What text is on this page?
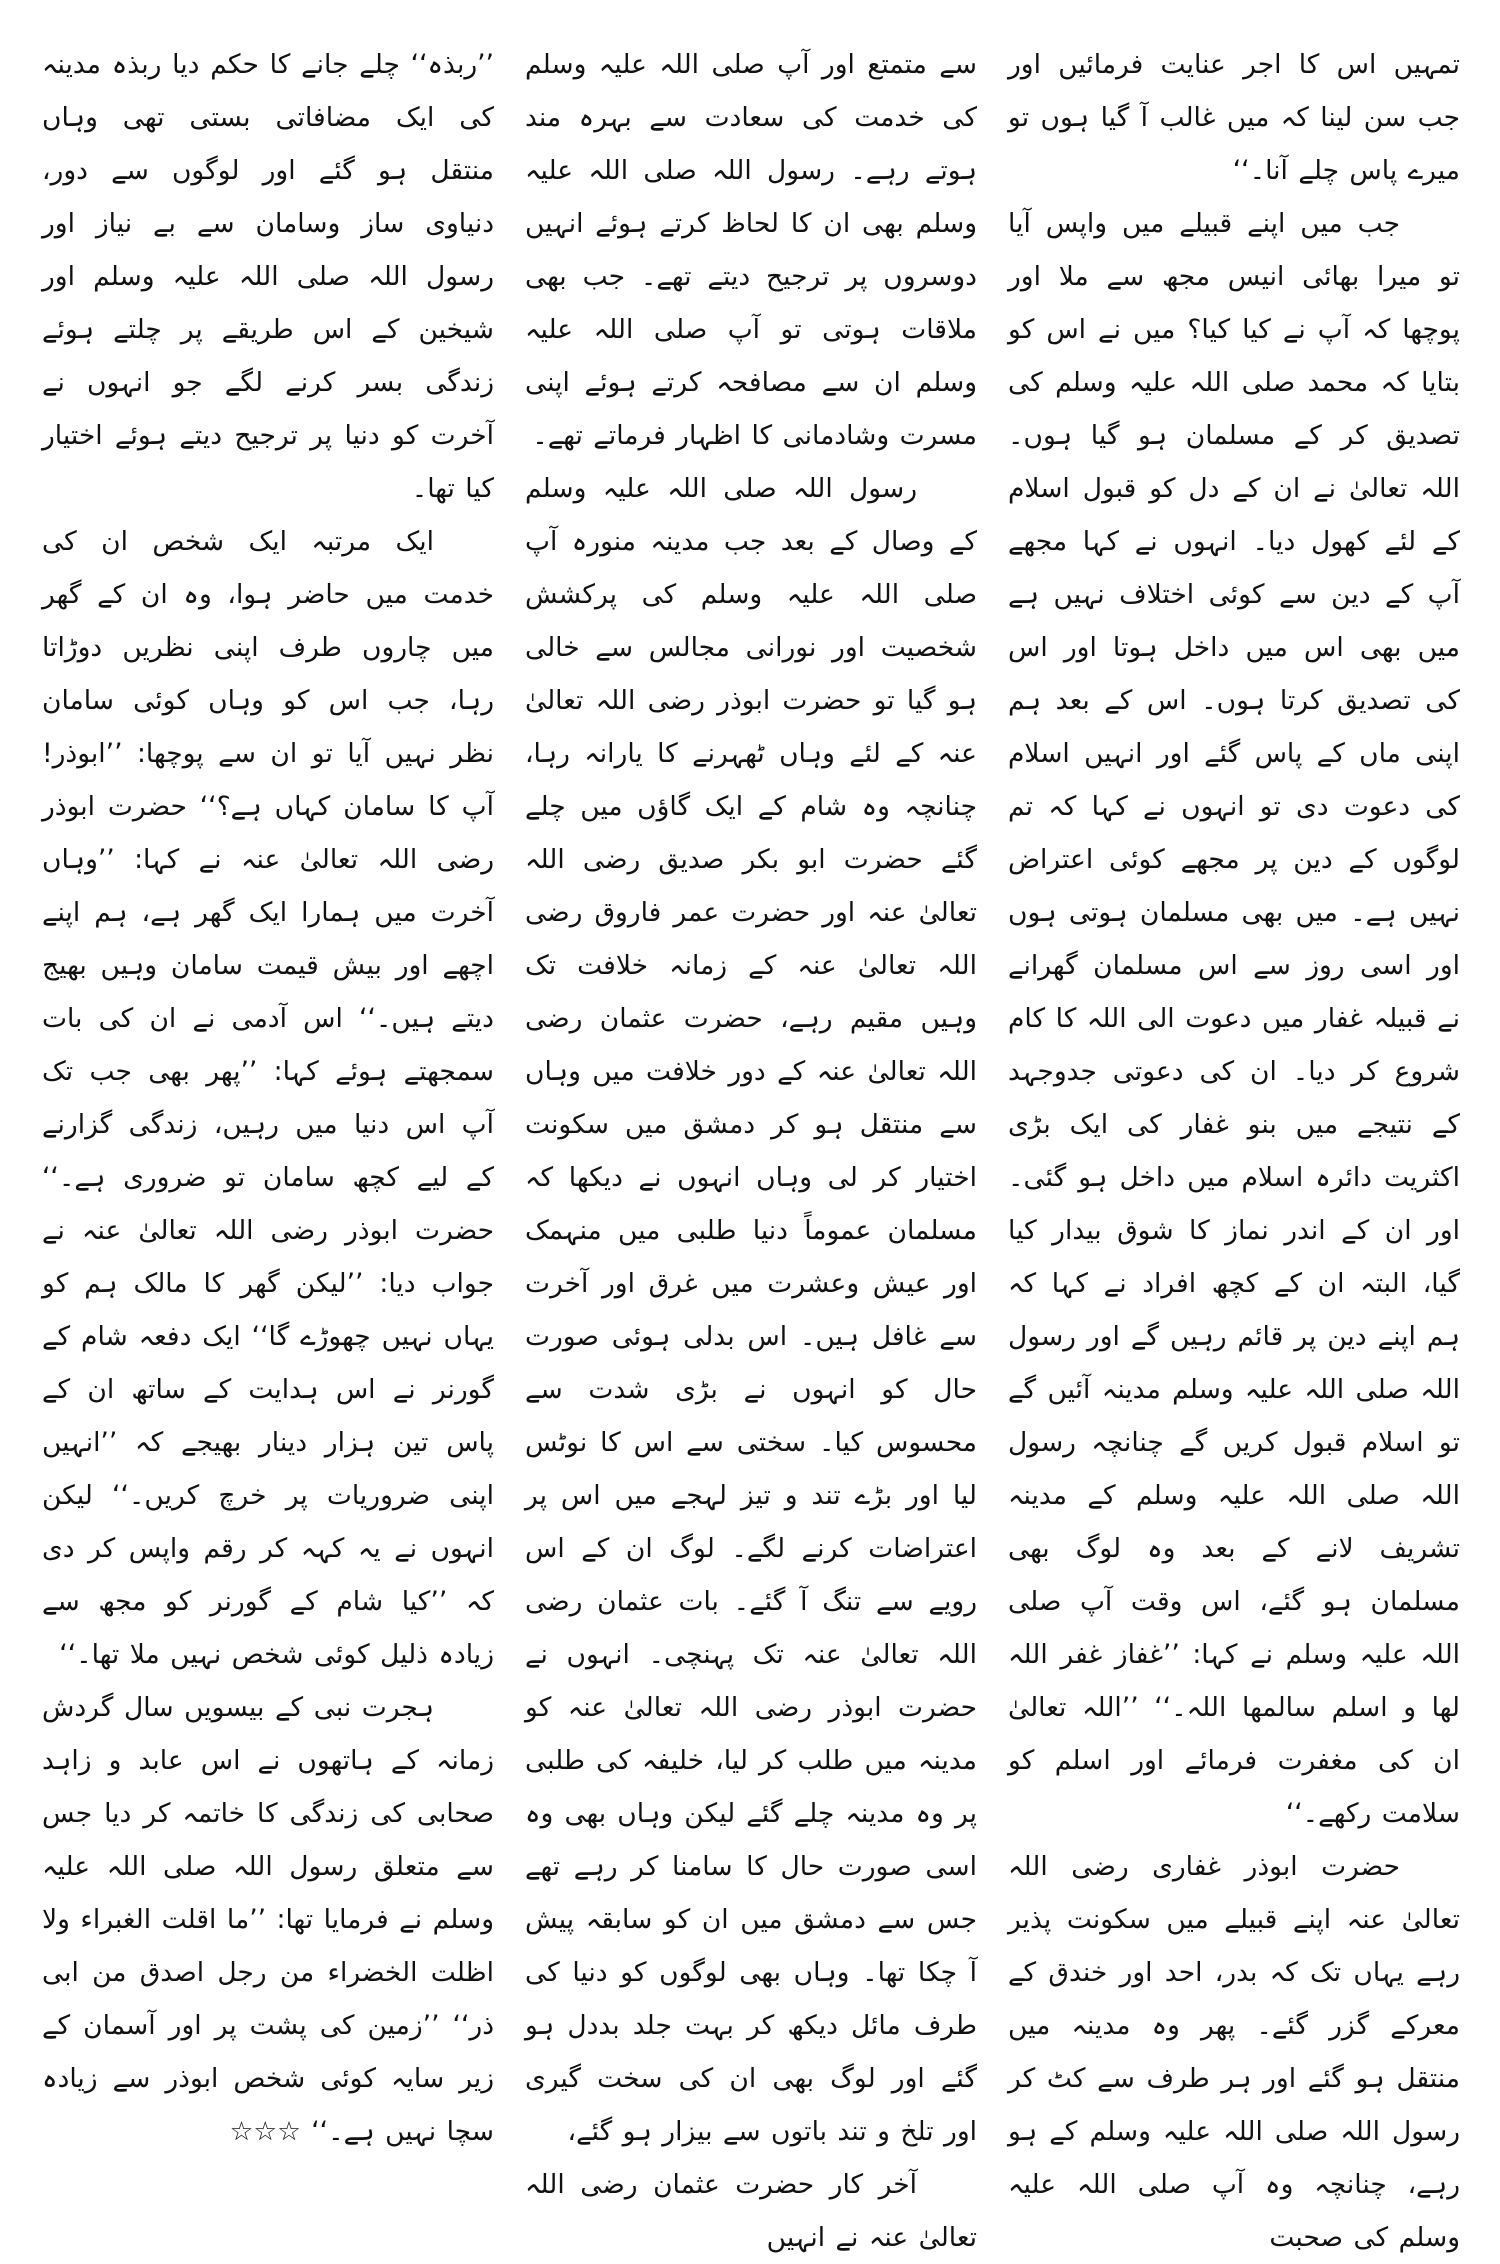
تمہیں اس کا اجر عنایت فرمائیں اور جب سن لینا کہ میں غالب آ گیا ہوں تو میرے پاس چلے آنا۔‘‘

جب میں اپنے قبیلے میں واپس آیا تو میرا بھائی انیس مجھ سے ملا اور پوچھا کہ آپ نے کیا کیا؟ میں نے اس کو بتایا کہ محمد صلی اللہ علیہ وسلم کی تصدیق کر کے مسلمان ہو گیا ہوں۔ اللہ تعالیٰ نے ان کے دل کو قبول اسلام کے لئے کھول دیا۔ انہوں نے کہا مجھے آپ کے دین سے کوئی اختلاف نہیں ہے میں بھی اس میں داخل ہوتا اور اس کی تصدیق کرتا ہوں۔ اس کے بعد ہم اپنی ماں کے پاس گئے اور انہیں اسلام کی دعوت دی تو انہوں نے کہا کہ تم لوگوں کے دین پر مجھے کوئی اعتراض نہیں ہے۔ میں بھی مسلمان ہوتی ہوں اور اسی روز سے اس مسلمان گھرانے نے قبیلہ غفار میں دعوت الی اللہ کا کام شروع کر دیا۔ ان کی دعوتی جدوجہد کے نتیجے میں بنو غفار کی ایک بڑی اکثریت دائرہ اسلام میں داخل ہو گئی۔ اور ان کے اندر نماز کا شوق بیدار کیا گیا، البتہ ان کے کچھ افراد نے کہا کہ ہم اپنے دین پر قائم رہیں گے اور رسول اللہ صلی اللہ علیہ وسلم مدینہ آئیں گے تو اسلام قبول کریں گے چنانچہ رسول اللہ صلی اللہ علیہ وسلم کے مدینہ تشریف لانے کے بعد وہ لوگ بھی مسلمان ہو گئے، اس وقت آپ صلی اللہ علیہ وسلم نے کہا: ’’غفاز غفر اللہ لھا و اسلم سالمھا اللہ۔‘‘ ’’اللہ تعالیٰ ان کی مغفرت فرمائے اور اسلم کو سلامت رکھے۔‘‘

حضرت ابوذر غفاری رضی اللہ تعالیٰ عنہ اپنے قبیلے میں سکونت پذیر رہے یہاں تک کہ بدر، احد اور خندق کے معرکے گزر گئے۔ پھر وہ مدینہ میں منتقل ہو گئے اور ہر طرف سے کٹ کر رسول اللہ صلی اللہ علیہ وسلم کے ہو رہے، چنانچہ وہ آپ صلی اللہ علیہ وسلم کی صحبت

سے متمتع اور آپ صلی اللہ علیہ وسلم کی خدمت کی سعادت سے بہرہ مند ہوتے رہے۔ رسول اللہ صلی اللہ علیہ وسلم بھی ان کا لحاظ کرتے ہوئے انہیں دوسروں پر ترجیح دیتے تھے۔ جب بھی ملاقات ہوتی تو آپ صلی اللہ علیہ وسلم ان سے مصافحہ کرتے ہوئے اپنی مسرت وشادمانی کا اظہار فرماتے تھے۔

رسول اللہ صلی اللہ علیہ وسلم کے وصال کے بعد جب مدینہ منورہ آپ صلی اللہ علیہ وسلم کی پرکشش شخصیت اور نورانی مجالس سے خالی ہو گیا تو حضرت ابوذر رضی اللہ تعالیٰ عنہ کے لئے وہاں ٹھہرنے کا یارانہ رہا، چنانچہ وہ شام کے ایک گاؤں میں چلے گئے حضرت ابو بکر صدیق رضی اللہ تعالیٰ عنہ اور حضرت عمر فاروق رضی اللہ تعالیٰ عنہ کے زمانہ خلافت تک وہیں مقیم رہے، حضرت عثمان رضی اللہ تعالیٰ عنہ کے دور خلافت میں وہاں سے منتقل ہو کر دمشق میں سکونت اختیار کر لی وہاں انہوں نے دیکھا کہ مسلمان عموماً دنیا طلبی میں منہمک اور عیش وعشرت میں غرق اور آخرت سے غافل ہیں۔ اس بدلی ہوئی صورت حال کو انہوں نے بڑی شدت سے محسوس کیا۔ سختی سے اس کا نوٹس لیا اور بڑے تند و تیز لہجے میں اس پر اعتراضات کرنے لگے۔ لوگ ان کے اس رویے سے تنگ آ گئے۔ بات عثمان رضی اللہ تعالیٰ عنہ تک پہنچی۔ انہوں نے حضرت ابوذر رضی اللہ تعالیٰ عنہ کو مدینہ میں طلب کر لیا، خلیفہ کی طلبی پر وہ مدینہ چلے گئے لیکن وہاں بھی وہ اسی صورت حال کا سامنا کر رہے تھے جس سے دمشق میں ان کو سابقہ پیش آ چکا تھا۔ وہاں بھی لوگوں کو دنیا کی طرف مائل دیکھ کر بہت جلد بددل ہو گئے اور لوگ بھی ان کی سخت گیری اور تلخ و تند باتوں سے بیزار ہو گئے،

آخر کار حضرت عثمان رضی اللہ تعالیٰ عنہ نے انہیں

’’ربذہ‘‘ چلے جانے کا حکم دیا ربذہ مدینہ کی ایک مضافاتی بستی تھی وہاں منتقل ہو گئے اور لوگوں سے دور، دنیاوی ساز وسامان سے بے نیاز اور رسول اللہ صلی اللہ علیہ وسلم اور شیخین کے اس طریقے پر چلتے ہوئے زندگی بسر کرنے لگے جو انہوں نے آخرت کو دنیا پر ترجیح دیتے ہوئے اختیار کیا تھا۔

ایک مرتبہ ایک شخص ان کی خدمت میں حاضر ہوا، وہ ان کے گھر میں چاروں طرف اپنی نظریں دوڑاتا رہا، جب اس کو وہاں کوئی سامان نظر نہیں آیا تو ان سے پوچھا: ’’ابوذر! آپ کا سامان کہاں ہے؟‘‘ حضرت ابوذر رضی اللہ تعالیٰ عنہ نے کہا: ’’وہاں آخرت میں ہمارا ایک گھر ہے، ہم اپنے اچھے اور بیش قیمت سامان وہیں بھیج دیتے ہیں۔‘‘ اس آدمی نے ان کی بات سمجھتے ہوئے کہا: ’’پھر بھی جب تک آپ اس دنیا میں رہیں، زندگی گزارنے کے لیے کچھ سامان تو ضروری ہے۔‘‘ حضرت ابوذر رضی اللہ تعالیٰ عنہ نے جواب دیا: ’’لیکن گھر کا مالک ہم کو یہاں نہیں چھوڑے گا‘‘ ایک دفعہ شام کے گورنر نے اس ہدایت کے ساتھ ان کے پاس تین ہزار دینار بھیجے کہ ’’انہیں اپنی ضروریات پر خرچ کریں۔‘‘ لیکن انہوں نے یہ کہہ کر رقم واپس کر دی کہ ’’کیا شام کے گورنر کو مجھ سے زیادہ ذلیل کوئی شخص نہیں ملا تھا۔‘‘

ہجرت نبی کے بیسویں سال گردش زمانہ کے ہاتھوں نے اس عابد و زاہد صحابی کی زندگی کا خاتمہ کر دیا جس سے متعلق رسول اللہ صلی اللہ علیہ وسلم نے فرمایا تھا: ’’ما اقلت الغبراء ولا اظلت الخضراء من رجل اصدق من ابی ذر‘‘ ’’زمین کی پشت پر اور آسمان کے زیر سایہ کوئی شخص ابوذر سے زیادہ سچا نہیں ہے۔‘‘ ☆☆☆
